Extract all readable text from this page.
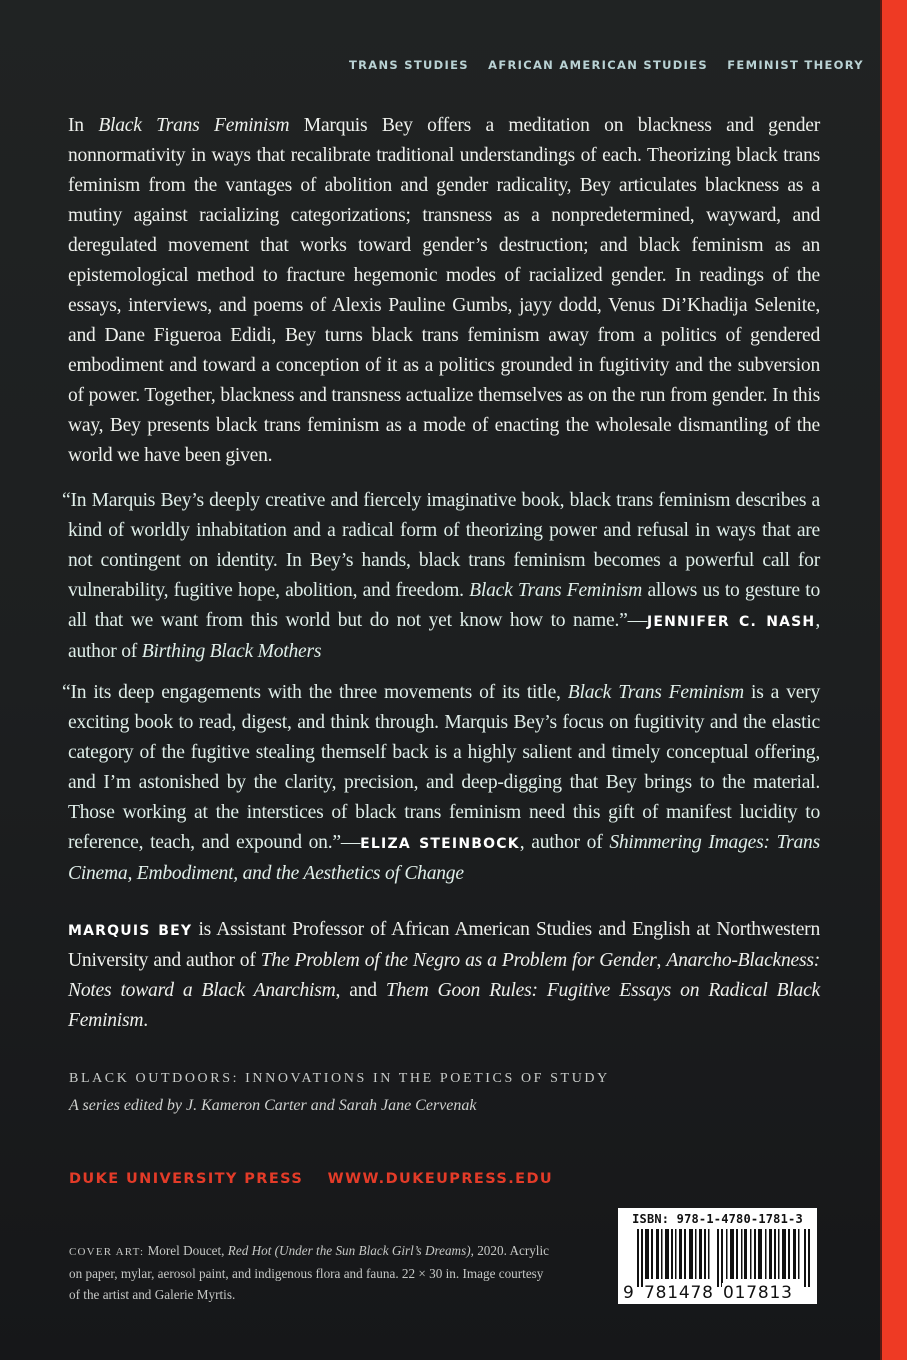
TRANS STUDIES AFRICAN AMERICAN STUDIES FEMINIST THEORY
In Black Trans Feminism Marquis Bey offers a meditation on blackness and gender nonnormativity in ways that recalibrate traditional understandings of each. Theorizing black trans feminism from the vantages of abolition and gender radicality, Bey articulates blackness as a mutiny against racializing categorizations; transness as a nonpredetermined, wayward, and deregulated movement that works toward gender’s destruction; and black feminism as an epistemological method to fracture hegemonic modes of racialized gender. In readings of the essays, interviews, and poems of Alexis Pauline Gumbs, jayy dodd, Venus Di’Khadija Selenite, and Dane Figueroa Edidi, Bey turns black trans feminism away from a politics of gendered embodiment and toward a conception of it as a politics grounded in fugitivity and the subversion of power. Together, blackness and transness actualize themselves as on the run from gender. In this way, Bey presents black trans feminism as a mode of enacting the wholesale dismantling of the world we have been given.
“In Marquis Bey’s deeply creative and fiercely imaginative book, black trans feminism describes a kind of worldly inhabitation and a radical form of theorizing power and refusal in ways that are not contingent on identity. In Bey’s hands, black trans feminism becomes a powerful call for vulnerability, fugitive hope, abolition, and freedom. Black Trans Feminism allows us to gesture to all that we want from this world but do not yet know how to name.”—JENNIFER C. NASH, author of Birthing Black Mothers
“In its deep engagements with the three movements of its title, Black Trans Feminism is a very exciting book to read, digest, and think through. Marquis Bey’s focus on fugitivity and the elastic category of the fugitive stealing themself back is a highly salient and timely conceptual offering, and I’m astonished by the clarity, precision, and deep-digging that Bey brings to the material. Those working at the interstices of black trans feminism need this gift of manifest lucidity to reference, teach, and expound on.”—ELIZA STEINBOCK, author of Shimmering Images: Trans Cinema, Embodiment, and the Aesthetics of Change
MARQUIS BEY is Assistant Professor of African American Studies and English at Northwestern University and author of The Problem of the Negro as a Problem for Gender, Anarcho-Blackness: Notes toward a Black Anarchism, and Them Goon Rules: Fugitive Essays on Radical Black Feminism.
BLACK OUTDOORS: INNOVATIONS IN THE POETICS OF STUDY
A series edited by J. Kameron Carter and Sarah Jane Cervenak
DUKE UNIVERSITY PRESS WWW.DUKEUPRESS.EDU
COVER ART: Morel Doucet, Red Hot (Under the Sun Black Girl’s Dreams), 2020. Acrylic on paper, mylar, aerosol paint, and indigenous flora and fauna. 22 × 30 in. Image courtesy of the artist and Galerie Myrtis.
ISBN: 978-1-4780-1781-3
9 781478 017813
